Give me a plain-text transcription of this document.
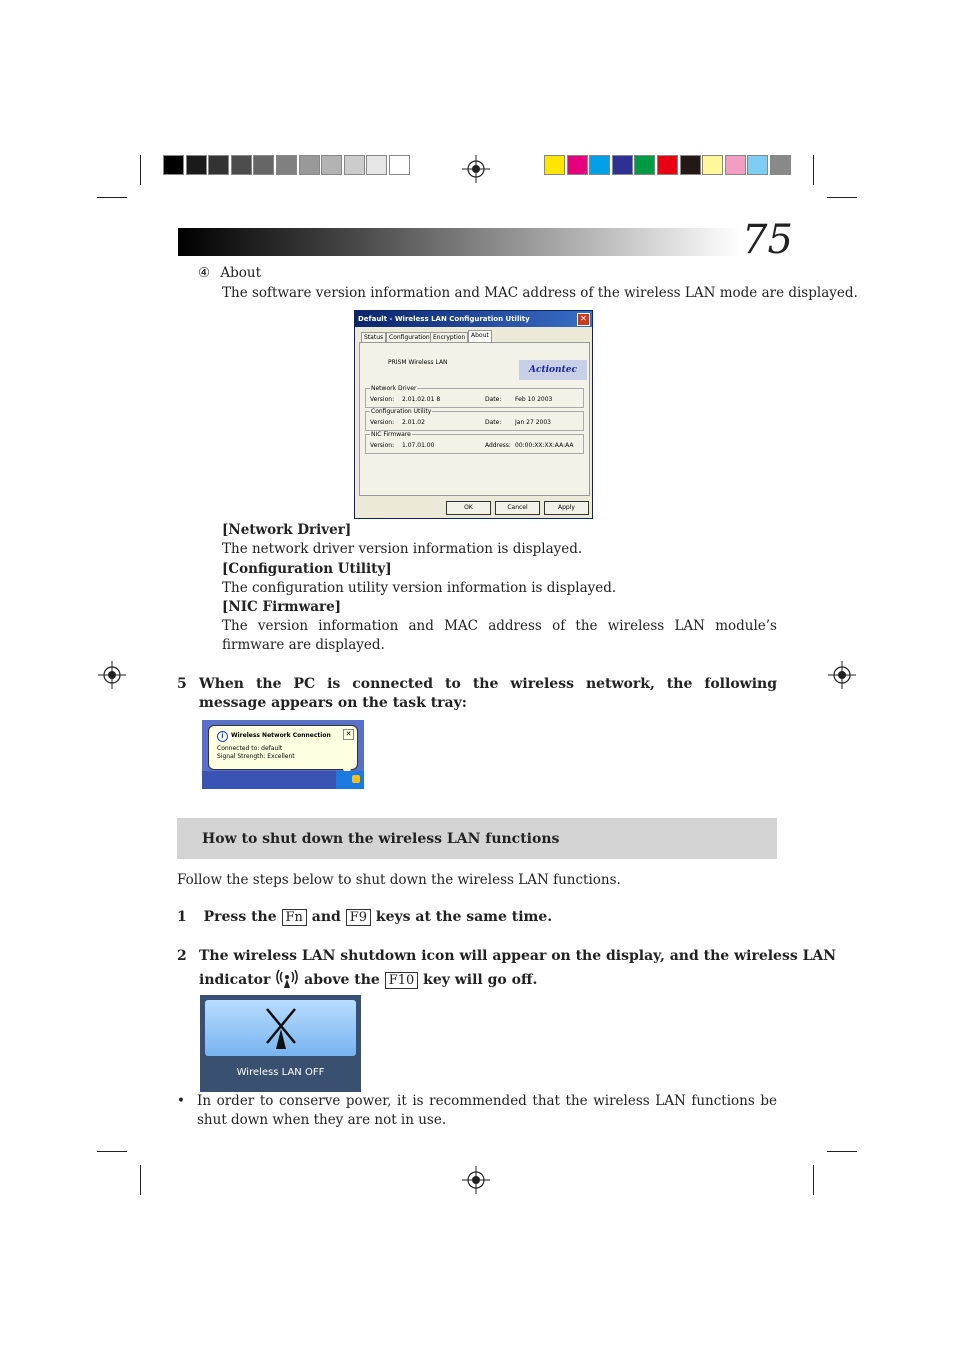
75
④ About
The software version information and MAC address of the wireless LAN mode are displayed.
Default - Wireless LAN Configuration Utility	✕
Status Configuration Encryption About
PRISM Wireless LAN
Actiontec
Network Driver
Version: 2.01.02.01 8	Date: Feb 10 2003
Configuration Utility
Version: 2.01.02	Date: Jan 27 2003
NIC Firmware
Version: 1.07.01.00	Address: 00:00:XX:XX:AA:AA
OK	Cancel	Apply
[Network Driver]
The network driver version information is displayed.
[Configuration Utility]
The configuration utility version information is displayed.
[NIC Firmware]
The version information and MAC address of the wireless LAN module’s firmware are displayed.
5 When the PC is connected to the wireless network, the following message appears on the task tray:
i	Wireless Network Connection	✕
Connected to: default
Signal Strength: Excellent
How to shut down the wireless LAN functions
Follow the steps below to shut down the wireless LAN functions.
1 Press the Fn and F9 keys at the same time.
2 The wireless LAN shutdown icon will appear on the display, and the wireless LAN
indicator above the F10 key will go off.
Wireless LAN OFF
• In order to conserve power, it is recommended that the wireless LAN functions be shut down when they are not in use.
